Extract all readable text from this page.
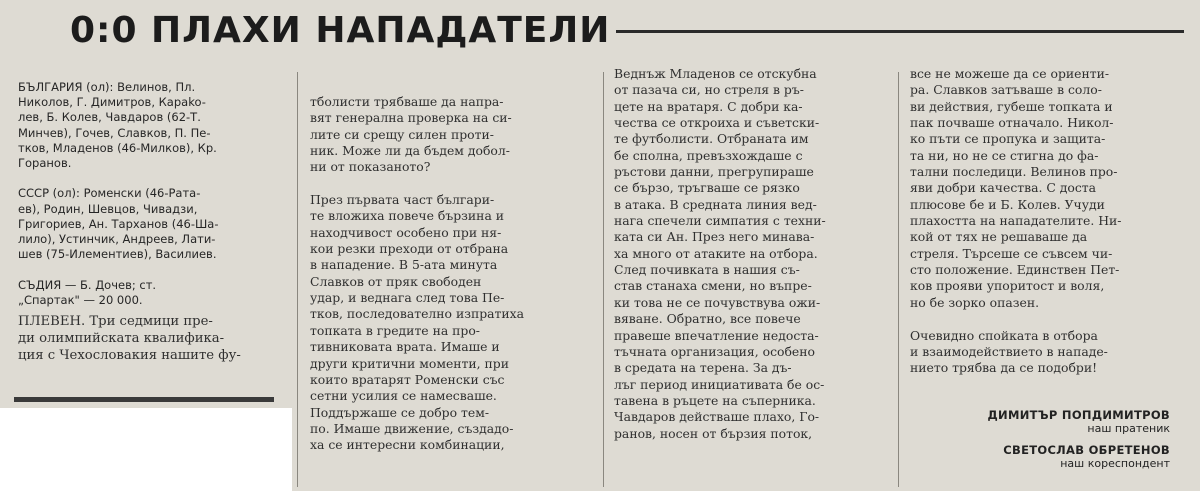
0:0 ПЛАХИ НАПАДАТЕЛИ
БЪЛГАРИЯ (ол): Велинов, Пл.
Николов, Г. Димитров, Караko-
лев, Б. Колев, Чавдаров (62-Т.
Минчев), Гочев, Славков, П. Пе-
тков, Младенов (46-Милков), Кр.
Горанов.

СССР (ол): Роменски (46-Рата-
ев), Родин, Шевцов, Чивадзи,
Григориев, Ан. Тарханов (46-Ша-
лило), Устинчик, Андреев, Лати-
шев (75-Илементиев), Василиев.

СЪДИЯ — Б. Дочев; ст.
„Спартак" — 20 000.
ПЛЕВЕН. Три седмици пре-
ди олимпийската квалифика-
ция с Чехословакия нашите фу-
тболисти трябваше да напра-
вят генерална проверка на си-
лите си срещу силен проти-
ник. Може ли да бъдем добол-
ни от показаното?

През първата част българи-
те вложиха повече бързина и
находчивост особено при ня-
кои резки преходи от отбрана
в нападение. В 5-ата минута
Славков от пряк свободен
удар, и веднага след това Пе-
тков, последователно изпратиха
топката в гредите на про-
тивниковата врата. Имаше и
други критични моменти, при
които вратарят Роменски със
сетни усилия се намесваше.
Поддържаше се добро тем-
по. Имаше движение, създадо-
ха се интересни комбинации,
Веднъж Младенов се отскубна
от пазача си, но стреля в ръ-
цете на вратаря. С добри ка-
чества се откроиха и съветски-
те футболисти. Отбраната им
бе сполна, превъзхождаше с
ръстови данни, прегрупираше
се бързо, тръгваше се рязко
в атака. В средната линия вед-
нага спечели симпатия с техни-
ката си Ан. През него минава-
ха много от атаките на отбора.
След почивката в нашия съ-
став станаха смени, но въпре-
ки това не се почувствува ожи-
вяване. Обратно, все повече
правеше впечатление недоста-
тъчната организация, особено
в средата на терена. За дъ-
лъг период инициативата бе ос-
тавена в ръцете на съперника.
Чавдаров действаше плахо, Го-
ранов, носен от бързия поток,
все не можеше да се ориенти-
ра. Славков затъваше в соло-
ви действия, губеше топката и
пак почваше отначало. Никол-
ко пъти се пропука и защита-
та ни, но не се стигна до фа-
тални последици. Велинов про-
яви добри качества. С доста
плюсове бе и Б. Колев. Учуди
плахостта на нападателите. Ни-
кой от тях не решаваше да
стреля. Търсеше се съвсем чи-
сто положение. Единствен Пет-
ков прояви упоритост и воля,
но бе зорко опазен.

Очевидно спойката в отбора
и взаимодействието в нападе-
нието трябва да се подобри!
ДИМИТЪР ПОПДИМИТРОВ
наш пратеник
СВЕТОСЛАВ ОБРЕТЕНОВ
наш кореспондент
